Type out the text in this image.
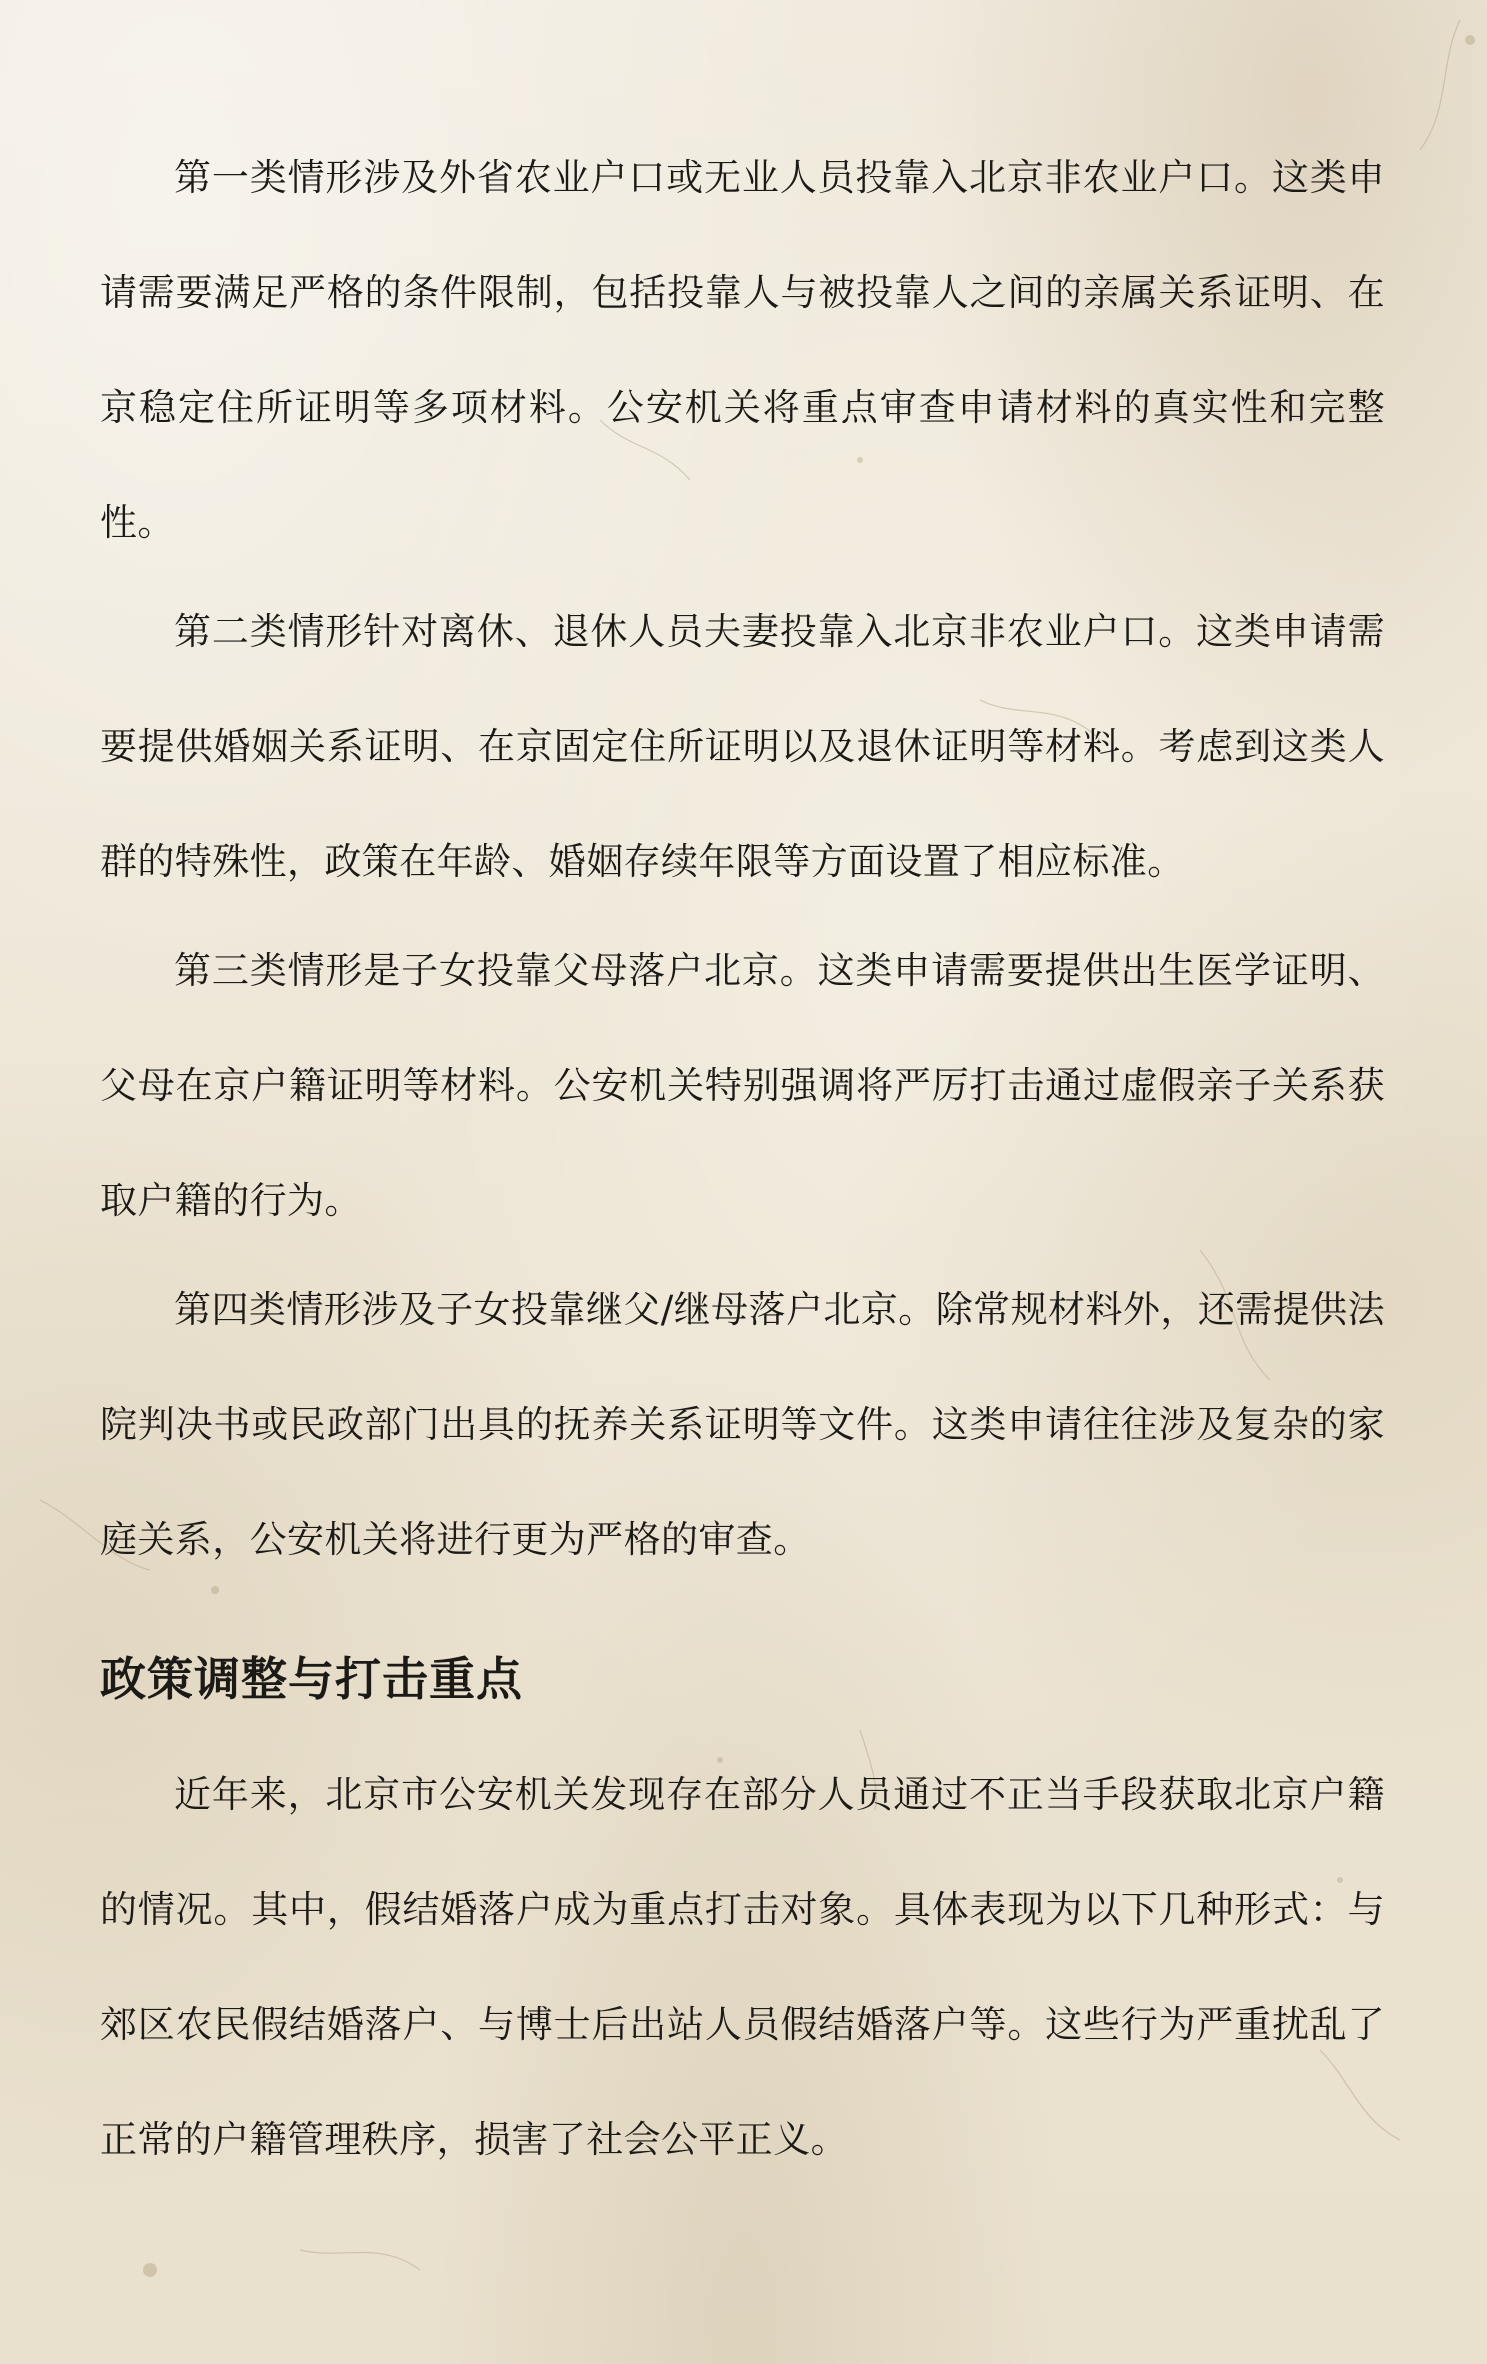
第一类情形涉及外省农业户口或无业人员投靠入北京非农业户口。这类申请需要满足严格的条件限制，包括投靠人与被投靠人之间的亲属关系证明、在京稳定住所证明等多项材料。公安机关将重点审查申请材料的真实性和完整性。

第二类情形针对离休、退休人员夫妻投靠入北京非农业户口。这类申请需要提供婚姻关系证明、在京固定住所证明以及退休证明等材料。考虑到这类人群的特殊性，政策在年龄、婚姻存续年限等方面设置了相应标准。

第三类情形是子女投靠父母落户北京。这类申请需要提供出生医学证明、父母在京户籍证明等材料。公安机关特别强调将严厉打击通过虚假亲子关系获取户籍的行为。

第四类情形涉及子女投靠继父/继母落户北京。除常规材料外，还需提供法院判决书或民政部门出具的抚养关系证明等文件。这类申请往往涉及复杂的家庭关系，公安机关将进行更为严格的审查。

政策调整与打击重点

近年来，北京市公安机关发现存在部分人员通过不正当手段获取北京户籍的情况。其中，假结婚落户成为重点打击对象。具体表现为以下几种形式：与郊区农民假结婚落户、与博士后出站人员假结婚落户等。这些行为严重扰乱了正常的户籍管理秩序，损害了社会公平正义。
